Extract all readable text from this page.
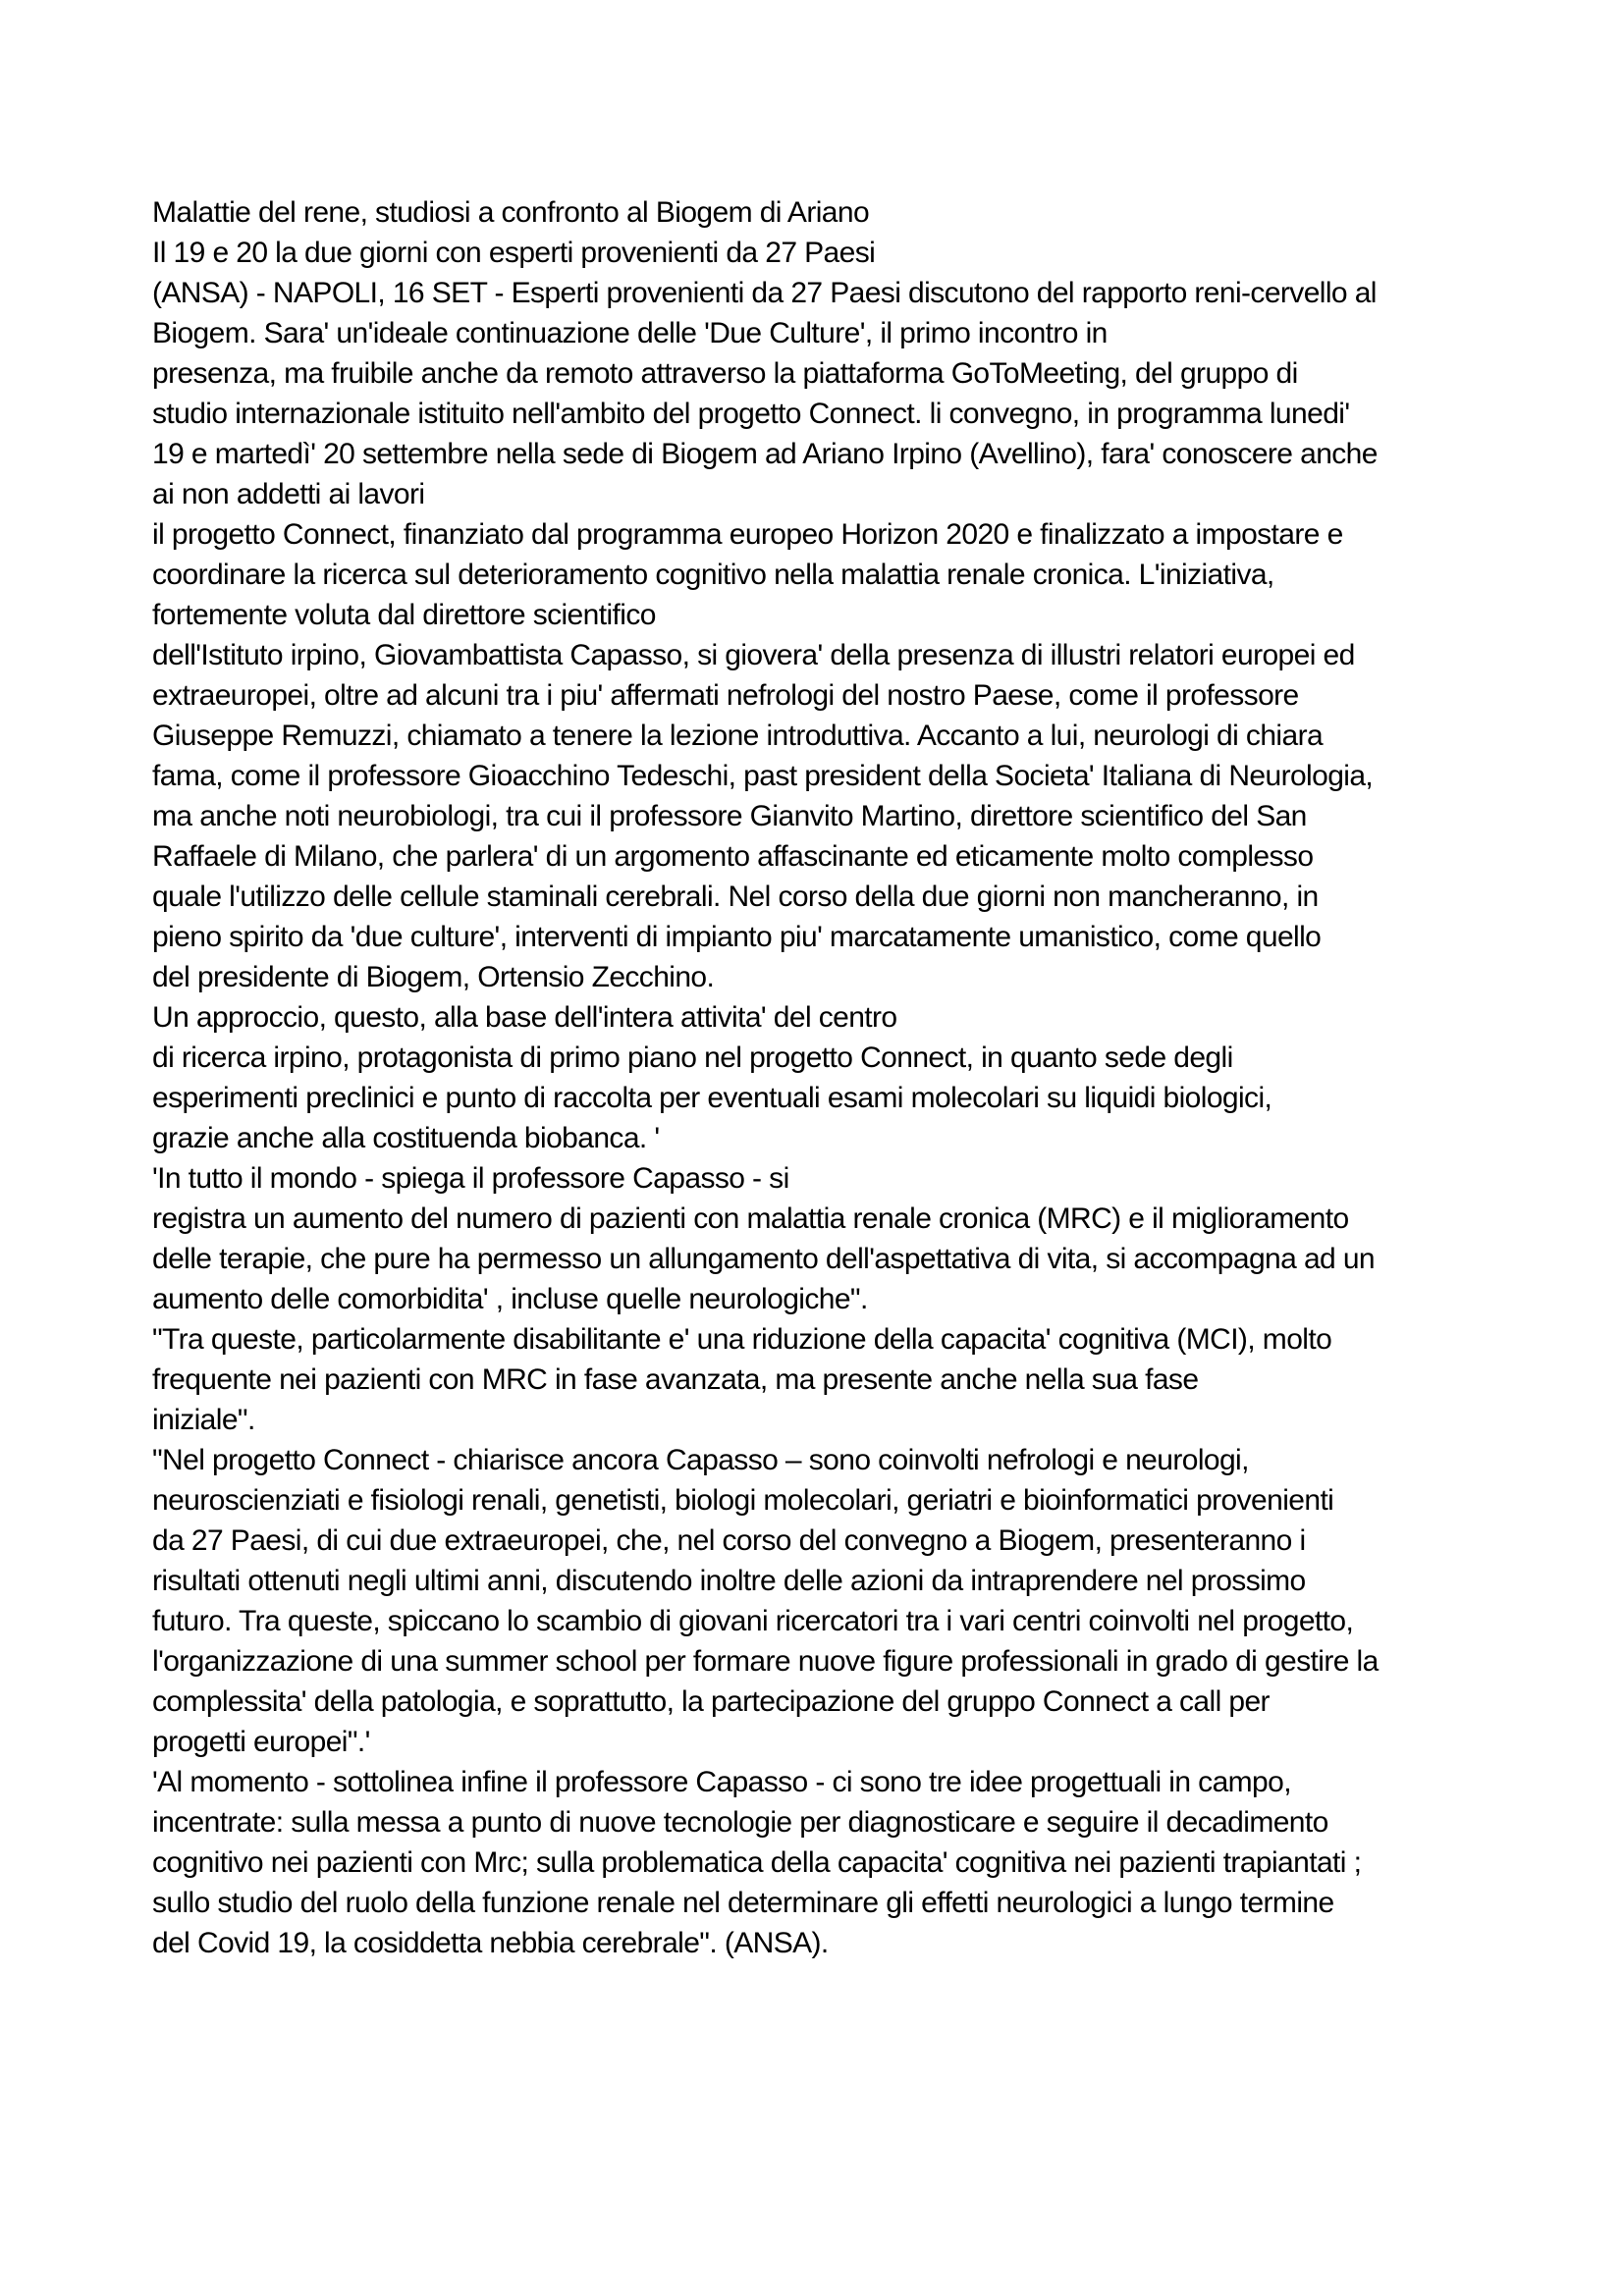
Malattie del rene, studiosi a confronto al Biogem di Ariano
Il 19 e 20 la due giorni con esperti provenienti da 27 Paesi
(ANSA) - NAPOLI, 16 SET - Esperti provenienti da 27 Paesi discutono del rapporto reni-cervello al
Biogem. Sara' un'ideale continuazione delle 'Due Culture', il primo incontro in
presenza, ma fruibile anche da remoto attraverso la piattaforma GoToMeeting, del gruppo di
studio internazionale istituito nell'ambito del progetto Connect. li convegno, in programma lunedi'
19 e martedì' 20 settembre nella sede di Biogem ad Ariano Irpino (Avellino), fara' conoscere anche
ai non addetti ai lavori
il progetto Connect, finanziato dal programma europeo Horizon 2020 e finalizzato a impostare e
coordinare la ricerca sul deterioramento cognitivo nella malattia renale cronica. L'iniziativa,
fortemente voluta dal direttore scientifico
dell'Istituto irpino, Giovambattista Capasso, si giovera' della presenza di illustri relatori europei ed
extraeuropei, oltre ad alcuni tra i piu' affermati nefrologi del nostro Paese, come il professore
Giuseppe Remuzzi, chiamato a tenere la lezione introduttiva. Accanto a lui, neurologi di chiara
fama, come il professore Gioacchino Tedeschi, past president della Societa' Italiana di Neurologia,
ma anche noti neurobiologi, tra cui il professore Gianvito Martino, direttore scientifico del San
Raffaele di Milano, che parlera' di un argomento affascinante ed eticamente molto complesso
quale l'utilizzo delle cellule staminali cerebrali. Nel corso della due giorni non mancheranno, in
pieno spirito da 'due culture', interventi di impianto piu' marcatamente umanistico, come quello
del presidente di Biogem, Ortensio Zecchino.
Un approccio, questo, alla base dell'intera attivita' del centro
di ricerca irpino, protagonista di primo piano nel progetto Connect, in quanto sede degli
esperimenti preclinici e punto di raccolta per eventuali esami molecolari su liquidi biologici,
grazie anche alla costituenda biobanca. '
'In tutto il mondo - spiega il professore Capasso - si
registra un aumento del numero di pazienti con malattia renale cronica (MRC) e il miglioramento
delle terapie, che pure ha permesso un allungamento dell'aspettativa di vita, si accompagna ad un
aumento delle comorbidita' , incluse quelle neurologiche".
"Tra queste, particolarmente disabilitante e' una riduzione della capacita' cognitiva (MCI), molto
frequente nei pazienti con MRC in fase avanzata, ma presente anche nella sua fase
iniziale".
"Nel progetto Connect - chiarisce ancora Capasso – sono coinvolti nefrologi e neurologi,
neuroscienziati e fisiologi renali, genetisti, biologi molecolari, geriatri e bioinformatici provenienti
da 27 Paesi, di cui due extraeuropei, che, nel corso del convegno a Biogem, presenteranno i
risultati ottenuti negli ultimi anni, discutendo inoltre delle azioni da intraprendere nel prossimo
futuro. Tra queste, spiccano lo scambio di giovani ricercatori tra i vari centri coinvolti nel progetto,
l'organizzazione di una summer school per formare nuove figure professionali in grado di gestire la
complessita' della patologia, e soprattutto, la partecipazione del gruppo Connect a call per
progetti europei".'
'Al momento - sottolinea infine il professore Capasso - ci sono tre idee progettuali in campo,
incentrate: sulla messa a punto di nuove tecnologie per diagnosticare e seguire il decadimento
cognitivo nei pazienti con Mrc; sulla problematica della capacita' cognitiva nei pazienti trapiantati ;
sullo studio del ruolo della funzione renale nel determinare gli effetti neurologici a lungo termine
del Covid 19, la cosiddetta nebbia cerebrale". (ANSA).
